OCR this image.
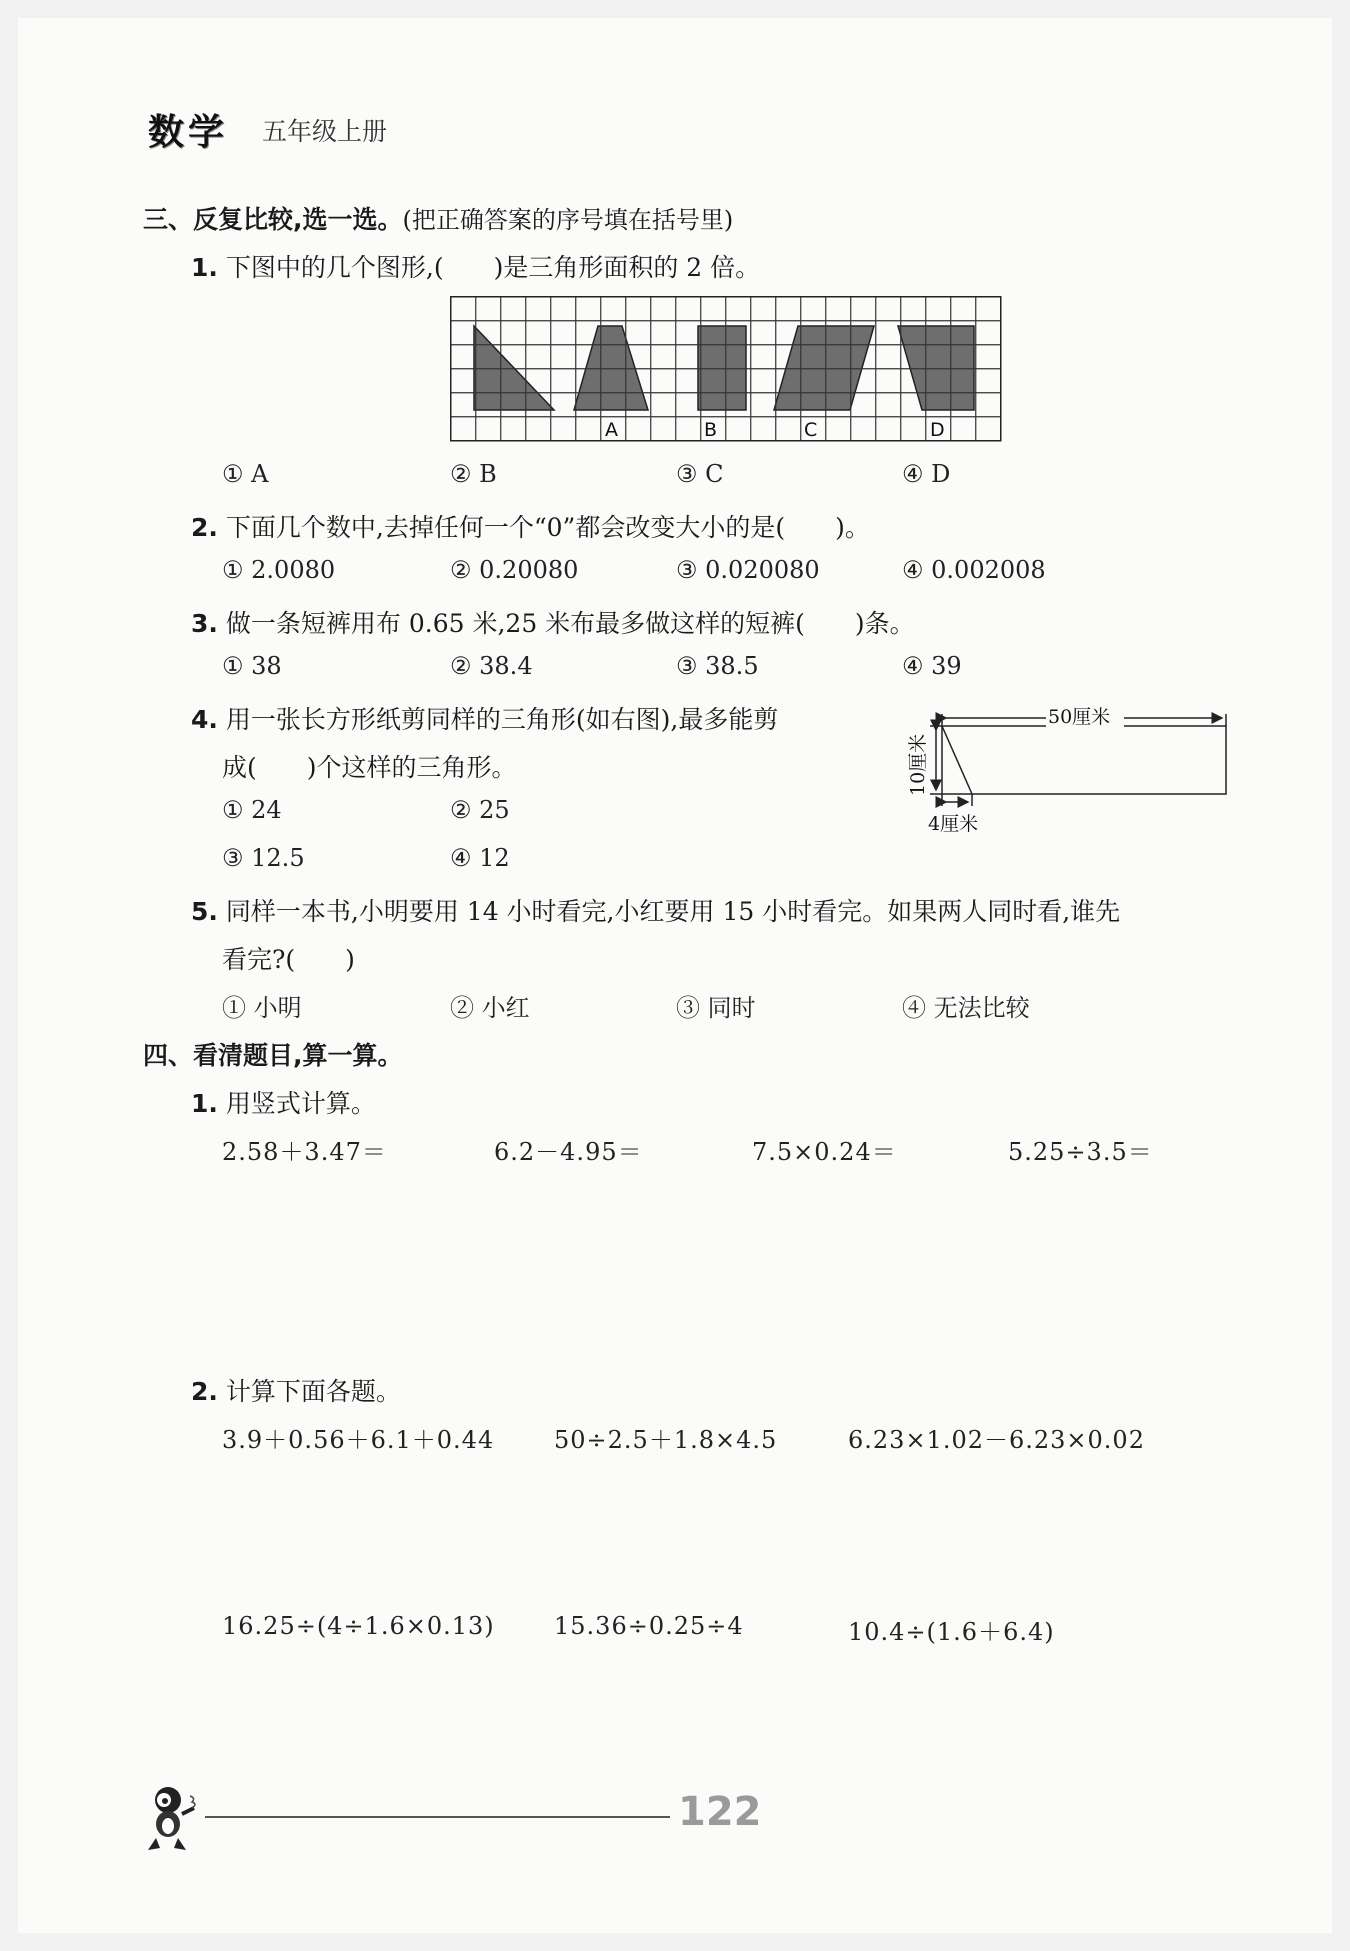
数学 五年级上册
三、反复比较,选一选。(把正确答案的序号填在括号里)
1. 下图中的几个图形,(　　)是三角形面积的 2 倍。
A	B	C	D
① A	② B	③ C	④ D
2. 下面几个数中,去掉任何一个“0”都会改变大小的是(　　)。
① 2.0080	② 0.20080	③ 0.020080	④ 0.002008
3. 做一条短裤用布 0.65 米,25 米布最多做这样的短裤(　　)条。
① 38	② 38.4	③ 38.5	④ 39
4. 用一张长方形纸剪同样的三角形(如右图),最多能剪
成(　　)个这样的三角形。
① 24	② 25
③ 12.5	④ 12
50厘米
10厘米
4厘米
5. 同样一本书,小明要用 14 小时看完,小红要用 15 小时看完。如果两人同时看,谁先
看完?(　　)
① 小明	② 小红	③ 同时	④ 无法比较
四、看清题目,算一算。
1. 用竖式计算。
2.58＋3.47＝	6.2－4.95＝	7.5×0.24＝	5.25÷3.5＝
2. 计算下面各题。
3.9＋0.56＋6.1＋0.44 50÷2.5＋1.8×4.5	6.23×1.02－6.23×0.02
16.25÷(4÷1.6×0.13) 15.36÷0.25÷4	10.4÷(1.6＋6.4)
122
